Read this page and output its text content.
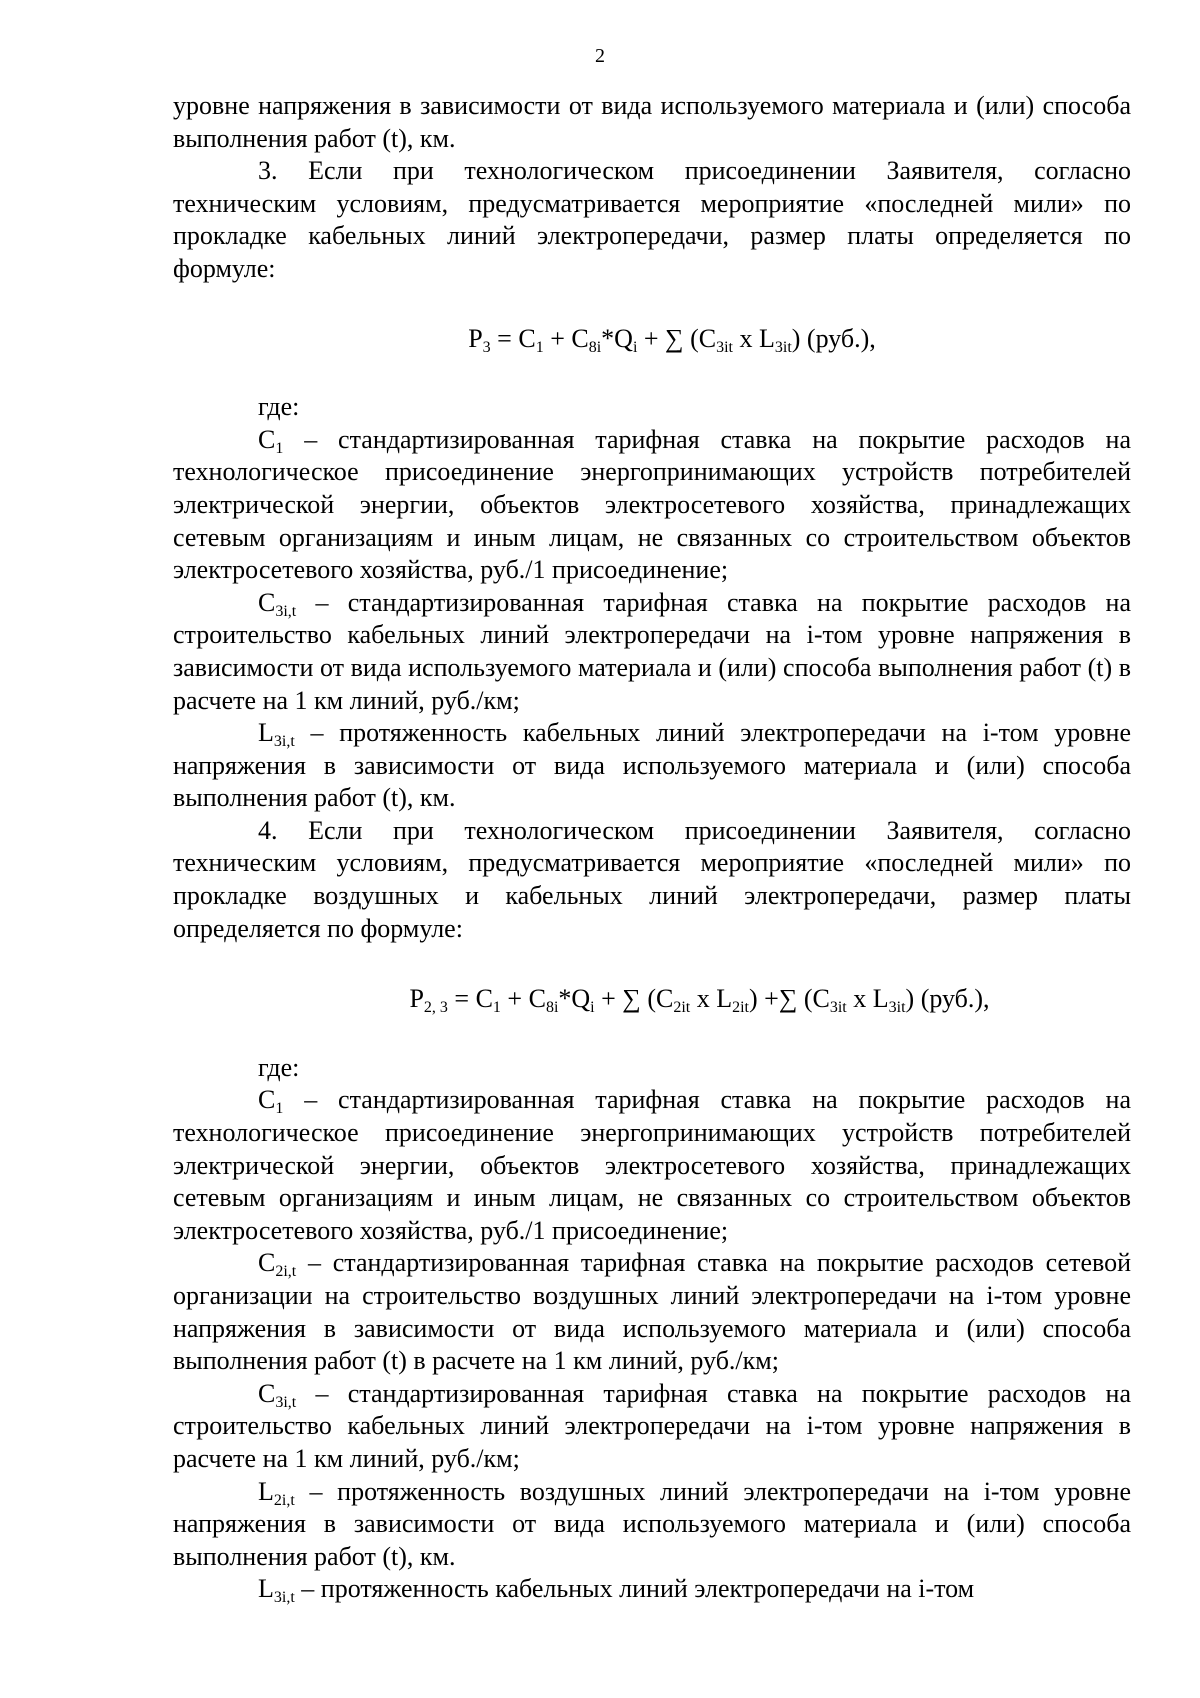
2

уровне напряжения в зависимости от вида используемого материала и (или) способа выполнения работ (t), км.

3. Если при технологическом присоединении Заявителя, согласно техническим условиям, предусматривается мероприятие «последней мили» по прокладке кабельных линий электропередачи, размер платы определяется по формуле:

$P_3 = C_1 + C_{8i}*Q_i$ + ∑ ($C_{3it}$ x $L_{3it}$) (руб.),

где:

$C_1$ – стандартизированная тарифная ставка на покрытие расходов на технологическое присоединение энергопринимающих устройств потребителей электрической энергии, объектов электросетевого хозяйства, принадлежащих сетевым организациям и иным лицам, не связанных со строительством объектов электросетевого хозяйства, руб./1 присоединение;

$C_{3i,t}$ – стандартизированная тарифная ставка на покрытие расходов на строительство кабельных линий электропередачи на i-том уровне напряжения в зависимости от вида используемого материала и (или) способа выполнения работ (t) в расчете на 1 км линий, руб./км;

$L_{3i,t}$ – протяженность кабельных линий электропередачи на i-том уровне напряжения в зависимости от вида используемого материала и (или) способа выполнения работ (t), км.

4. Если при технологическом присоединении Заявителя, согласно техническим условиям, предусматривается мероприятие «последней мили» по прокладке воздушных и кабельных линий электропередачи, размер платы определяется по формуле:

$P_{2, 3} = C_1 + C_{8i}*Q_i$ + ∑ ($C_{2it}$ x $L_{2it}$) +∑ ($C_{3it}$ x $L_{3it}$) (руб.),

где:

$C_1$ – стандартизированная тарифная ставка на покрытие расходов на технологическое присоединение энергопринимающих устройств потребителей электрической энергии, объектов электросетевого хозяйства, принадлежащих сетевым организациям и иным лицам, не связанных со строительством объектов электросетевого хозяйства, руб./1 присоединение;

$C_{2i,t}$ – стандартизированная тарифная ставка на покрытие расходов сетевой организации на строительство воздушных линий электропередачи на i-том уровне напряжения в зависимости от вида используемого материала и (или) способа выполнения работ (t) в расчете на 1 км линий, руб./км;

$C_{3i,t}$ – стандартизированная тарифная ставка на покрытие расходов на строительство кабельных линий электропередачи на i-том уровне напряжения в расчете на 1 км линий, руб./км;

$L_{2i,t}$ – протяженность воздушных линий электропередачи на i-том уровне напряжения в зависимости от вида используемого материала и (или) способа выполнения работ (t), км.

$L_{3i,t}$ – протяженность кабельных линий электропередачи на i-том
